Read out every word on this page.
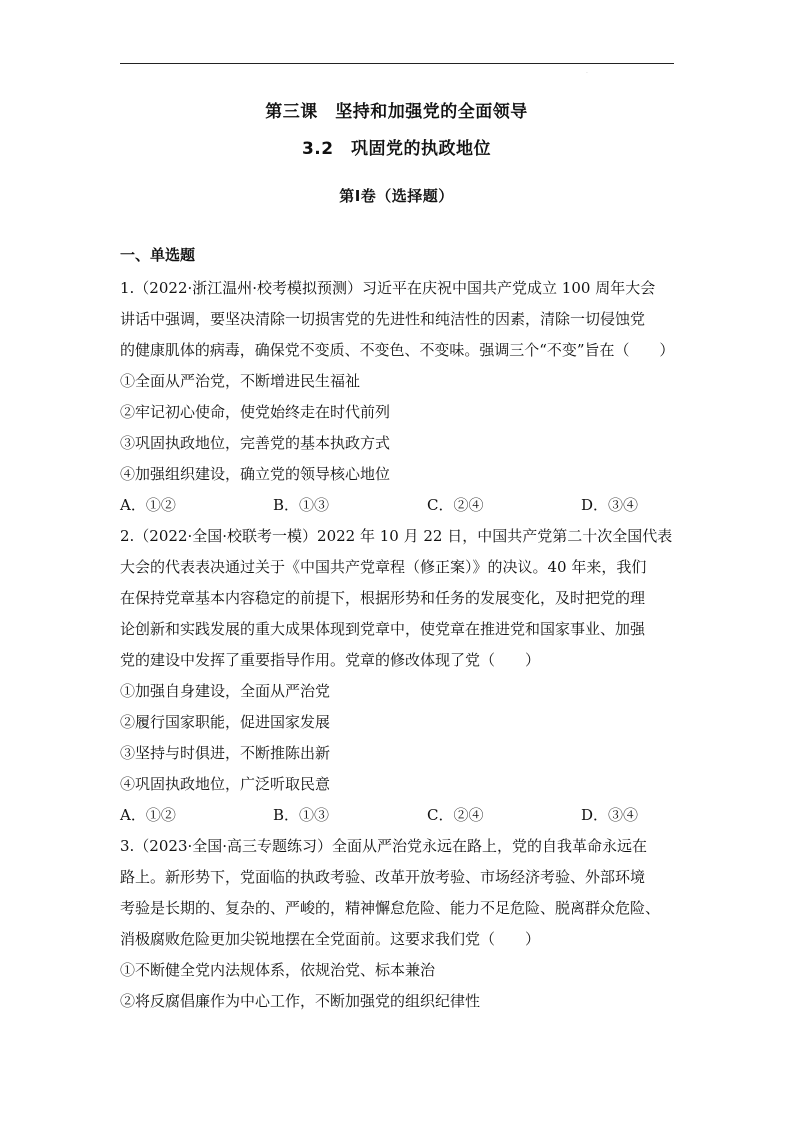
·
第三课　坚持和加强党的全面领导
3.2　巩固党的执政地位
第I卷（选择题）
一、单选题
1.（2022·浙江温州·校考模拟预测）习近平在庆祝中国共产党成立 100 周年大会
讲话中强调，要坚决清除一切损害党的先进性和纯洁性的因素，清除一切侵蚀党
的健康肌体的病毒，确保党不变质、不变色、不变味。强调三个“不变”旨在（　　）
①全面从严治党，不断增进民生福祉
②牢记初心使命，使党始终走在时代前列
③巩固执政地位，完善党的基本执政方式
④加强组织建设，确立党的领导核心地位
A．①②	B．①③	C．②④	D．③④
2.（2022·全国·校联考一模）2022 年 10 月 22 日，中国共产党第二十次全国代表
大会的代表表决通过关于《中国共产党章程（修正案）》的决议。40 年来，我们
在保持党章基本内容稳定的前提下，根据形势和任务的发展变化，及时把党的理
论创新和实践发展的重大成果体现到党章中，使党章在推进党和国家事业、加强
党的建设中发挥了重要指导作用。党章的修改体现了党（　　）
①加强自身建设，全面从严治党
②履行国家职能，促进国家发展
③坚持与时俱进，不断推陈出新
④巩固执政地位，广泛听取民意
A．①②	B．①③	C．②④	D．③④
3.（2023·全国·高三专题练习）全面从严治党永远在路上，党的自我革命永远在
路上。新形势下，党面临的执政考验、改革开放考验、市场经济考验、外部环境
考验是长期的、复杂的、严峻的，精神懈怠危险、能力不足危险、脱离群众危险、
消极腐败危险更加尖锐地摆在全党面前。这要求我们党（　　）
①不断健全党内法规体系，依规治党、标本兼治
②将反腐倡廉作为中心工作，不断加强党的组织纪律性
